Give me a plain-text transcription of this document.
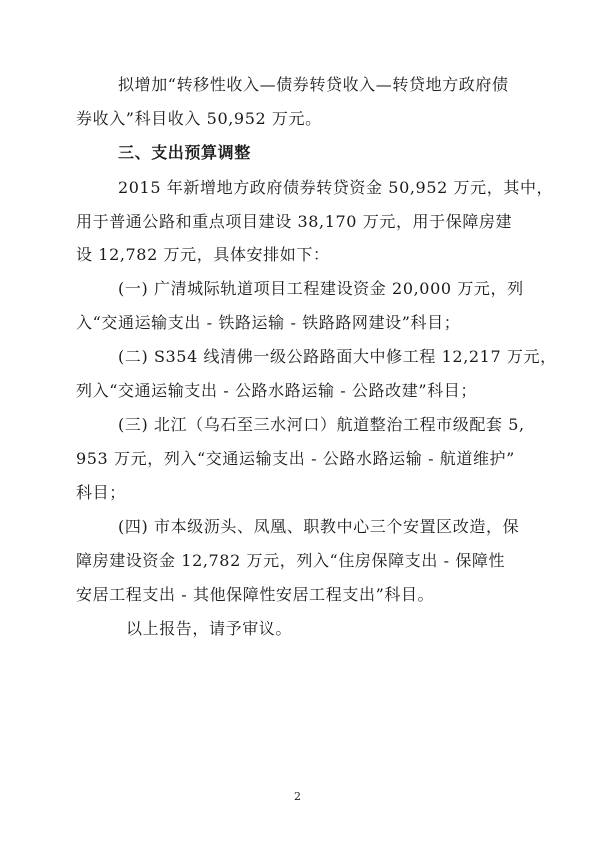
拟增加“转移性收入—债券转贷收入—转贷地方政府债
券收入”科目收入 50,952 万元。
三、支出预算调整
2015 年新增地方政府债券转贷资金 50,952 万元，其中，
用于普通公路和重点项目建设 38,170 万元，用于保障房建
设 12,782 万元，具体安排如下：
(一) 广清城际轨道项目工程建设资金 20,000 万元，列
入“交通运输支出 - 铁路运输 - 铁路路网建设”科目；
(二) S354 线清佛一级公路路面大中修工程 12,217 万元，
列入“交通运输支出 - 公路水路运输 - 公路改建”科目；
(三) 北江（乌石至三水河口）航道整治工程市级配套 5,
953 万元，列入“交通运输支出 - 公路水路运输 - 航道维护”
科目；
(四) 市本级沥头、凤凰、职教中心三个安置区改造，保
障房建设资金 12,782 万元，列入“住房保障支出 - 保障性
安居工程支出 - 其他保障性安居工程支出”科目。
以上报告，请予审议。
2
